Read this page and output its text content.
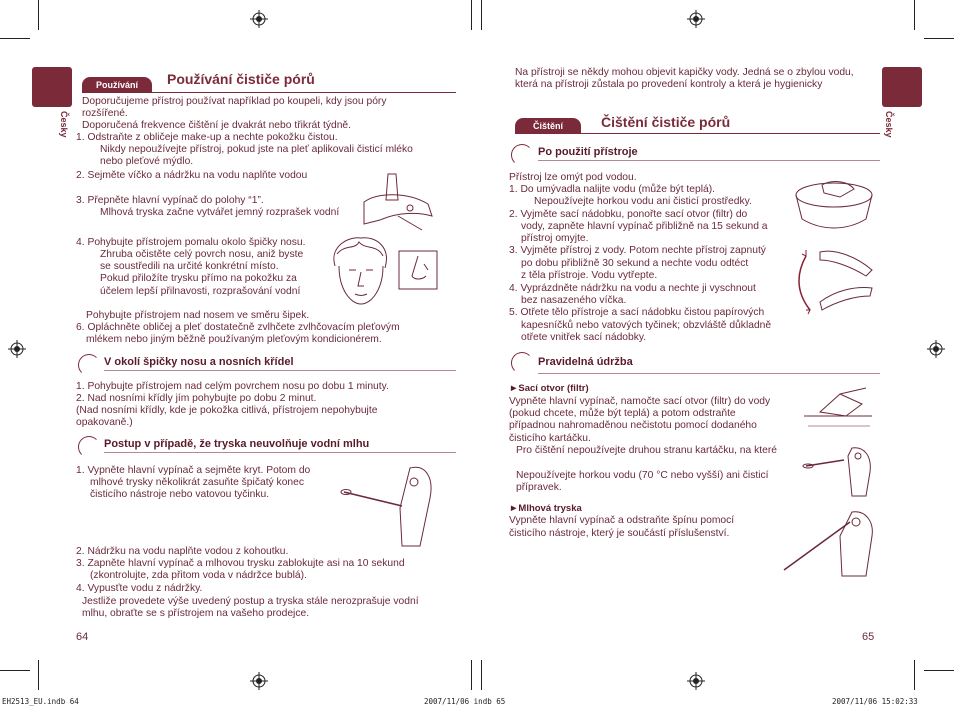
Česky
Používání	Používání čističe pórů
Doporučujeme přístroj používat například po koupeli, kdy jsou póry
rozšířené.
Doporučená frekvence čištění je dvakrát nebo třikrát týdně.
1. Odstraňte z obličeje make-up a nechte pokožku čistou.
Nikdy nepoužívejte přístroj, pokud jste na pleť aplikovali čisticí mléko
nebo pleťové mýdlo.
2. Sejměte víčko a nádržku na vodu naplňte vodou
3. Přepněte hlavní vypínač do polohy “1”.
Mlhová tryska začne vytvářet jemný rozprašek vodní
4. Pohybujte přístrojem pomalu okolo špičky nosu.
Zhruba očistěte celý povrch nosu, aniž byste
se soustředili na určité konkrétní místo.
Pokud přiložíte trysku přímo na pokožku za
účelem lepší přilnavosti, rozprašování vodní
Pohybujte přístrojem nad nosem ve směru šipek.
6. Opláchněte obličej a pleť dostatečně zvlhčete zvlhčovacím pleťovým
mlékem nebo jiným běžně používaným pleťovým kondicionérem.
V okolí špičky nosu a nosních křídel
1. Pohybujte přístrojem nad celým povrchem nosu po dobu 1 minuty.
2. Nad nosními křídly jím pohybujte po dobu 2 minut.
(Nad nosními křídly, kde je pokožka citlivá, přístrojem nepohybujte
opakovaně.)
Postup v případě, že tryska neuvolňuje vodní mlhu
1. Vypněte hlavní vypínač a sejměte kryt. Potom do
mlhové trysky několikrát zasuňte špičatý konec
čisticího nástroje nebo vatovou tyčinku.
2. Nádržku na vodu naplňte vodou z kohoutku.
3. Zapněte hlavní vypínač a mlhovou trysku zablokujte asi na 10 sekund
(zkontrolujte, zda přitom voda v nádržce bublá).
4. Vypusťte vodu z nádržky.
Jestliže provedete výše uvedený postup a tryska stále nerozprašuje vodní
mlhu, obraťte se s přístrojem na vašeho prodejce.
64
Česky
Na přístroji se někdy mohou objevit kapičky vody. Jedná se o zbylou vodu,
která na přístroji zůstala po provedení kontroly a která je hygienicky
Čištění	Čištění čističe pórů
Po použití přístroje
Přístroj lze omýt pod vodou.
1. Do umývadla nalijte vodu (může být teplá).
Nepoužívejte horkou vodu ani čisticí prostředky.
2. Vyjměte sací nádobku, ponořte sací otvor (filtr) do
vody, zapněte hlavní vypínač přibližně na 15 sekund a
přístroj omyjte.
3. Vyjměte přístroj z vody. Potom nechte přístroj zapnutý
po dobu přibližně 30 sekund a nechte vodu odtéct
z těla přístroje. Vodu vytřepte.
4. Vyprázdněte nádržku na vodu a nechte ji vyschnout
bez nasazeného víčka.
5. Otřete tělo přístroje a sací nádobku čistou papírových
kapesníčků nebo vatových tyčinek; obzvláště důkladně
otřete vnitřek sací nádobky.
Pravidelná údržba
►Sací otvor (filtr)
Vypněte hlavní vypínač, namočte sací otvor (filtr) do vody
(pokud chcete, může být teplá) a potom odstraňte
případnou nahromaděnou nečistotu pomocí dodaného
čisticího kartáčku.
Pro čištění nepoužívejte druhou stranu kartáčku, na které
Nepoužívejte horkou vodu (70 °C nebo vyšší) ani čisticí
přípravek.
►Mlhová tryska
Vypněte hlavní vypínač a odstraňte špínu pomocí
čisticího nástroje, který je součástí příslušenství.
65
EH2513_EU.indb 64	2007/11/06 indb 65	2007/11/06 15:02:33
